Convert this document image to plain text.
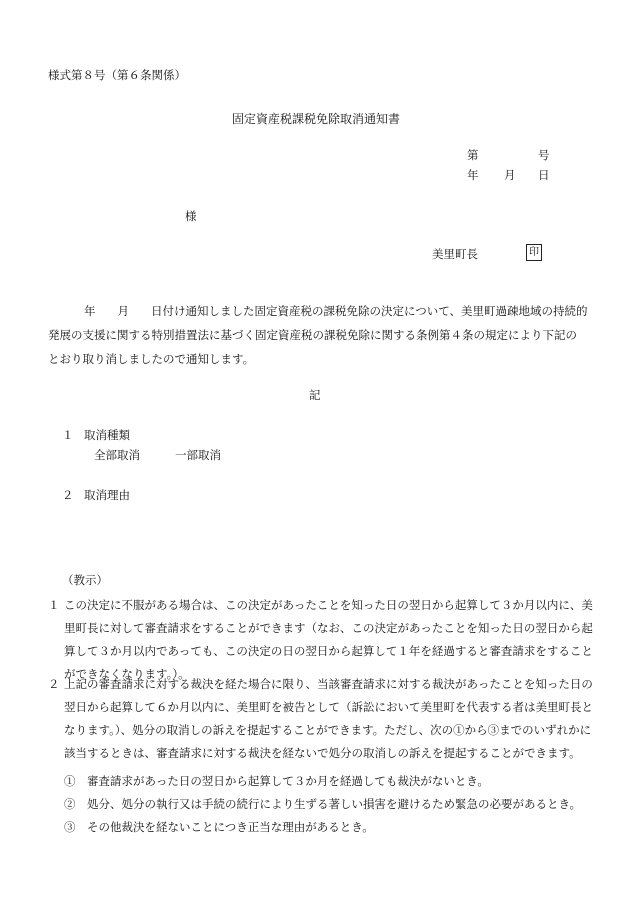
様式第８号（第６条関係）
固定資産税課税免除取消通知書
第	号
年 月 日
様
美里町長	印
年 月 日付け通知しました固定資産税の課税免除の決定について、美里町過疎地域の持続的発展の支援に関する特別措置法に基づく固定資産税の課税免除に関する条例第４条の規定により下記のとおり取り消しましたので通知します。
記
１ 取消種類
全部取消	一部取消
２ 取消理由
（教示）
１ この決定に不服がある場合は、この決定があったことを知った日の翌日から起算して３か月以内に、美里町長に対して審査請求をすることができます（なお、この決定があったことを知った日の翌日から起算して３か月以内であっても、この決定の日の翌日から起算して１年を経過すると審査請求をすることができなくなります。）。
２ 上記の審査請求に対する裁決を経た場合に限り、当該審査請求に対する裁決があったことを知った日の翌日から起算して６か月以内に、美里町を被告として（訴訟において美里町を代表する者は美里町長となります。）、処分の取消しの訴えを提起することができます。ただし、次の①から③までのいずれかに該当するときは、審査請求に対する裁決を経ないで処分の取消しの訴えを提起することができます。
①　審査請求があった日の翌日から起算して３か月を経過しても裁決がないとき。
②　処分、処分の執行又は手続の続行により生ずる著しい損害を避けるため緊急の必要があるとき。
③　その他裁決を経ないことにつき正当な理由があるとき。
